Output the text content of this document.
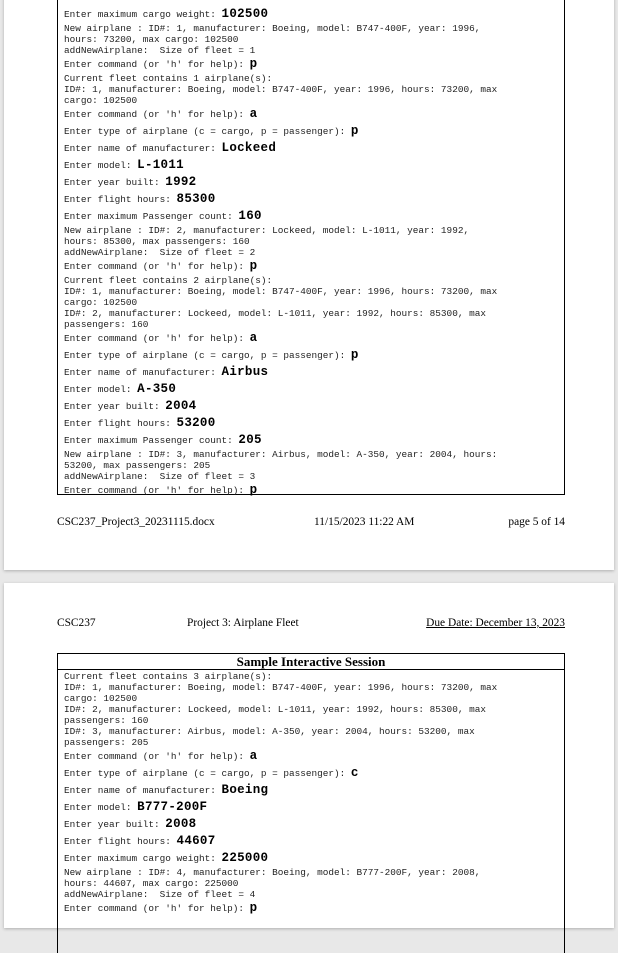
Enter maximum cargo weight: 102500
New airplane : ID#: 1, manufacturer: Boeing, model: B747-400F, year: 1996,
hours: 73200, max cargo: 102500
addNewAirplane:  Size of fleet = 1
Enter command (or 'h' for help): p
Current fleet contains 1 airplane(s):
ID#: 1, manufacturer: Boeing, model: B747-400F, year: 1996, hours: 73200, max
cargo: 102500
Enter command (or 'h' for help): a
Enter type of airplane (c = cargo, p = passenger): p
Enter name of manufacturer: Lockeed
Enter model: L-1011
Enter year built: 1992
Enter flight hours: 85300
Enter maximum Passenger count: 160
New airplane : ID#: 2, manufacturer: Lockeed, model: L-1011, year: 1992,
hours: 85300, max passengers: 160
addNewAirplane:  Size of fleet = 2
Enter command (or 'h' for help): p
Current fleet contains 2 airplane(s):
ID#: 1, manufacturer: Boeing, model: B747-400F, year: 1996, hours: 73200, max
cargo: 102500
ID#: 2, manufacturer: Lockeed, model: L-1011, year: 1992, hours: 85300, max
passengers: 160
Enter command (or 'h' for help): a
Enter type of airplane (c = cargo, p = passenger): p
Enter name of manufacturer: Airbus
Enter model: A-350
Enter year built: 2004
Enter flight hours: 53200
Enter maximum Passenger count: 205
New airplane : ID#: 3, manufacturer: Airbus, model: A-350, year: 2004, hours:
53200, max passengers: 205
addNewAirplane:  Size of fleet = 3
Enter command (or 'h' for help): p
CSC237_Project3_20231115.docx	11/15/2023 11:22 AM	page 5 of 14
CSC237	Project 3: Airplane Fleet	Due Date: December 13, 2023
Sample Interactive Session
Current fleet contains 3 airplane(s):
ID#: 1, manufacturer: Boeing, model: B747-400F, year: 1996, hours: 73200, max
cargo: 102500
ID#: 2, manufacturer: Lockeed, model: L-1011, year: 1992, hours: 85300, max
passengers: 160
ID#: 3, manufacturer: Airbus, model: A-350, year: 2004, hours: 53200, max
passengers: 205
Enter command (or 'h' for help): a
Enter type of airplane (c = cargo, p = passenger): c
Enter name of manufacturer: Boeing
Enter model: B777-200F
Enter year built: 2008
Enter flight hours: 44607
Enter maximum cargo weight: 225000
New airplane : ID#: 4, manufacturer: Boeing, model: B777-200F, year: 2008,
hours: 44607, max cargo: 225000
addNewAirplane:  Size of fleet = 4
Enter command (or 'h' for help): p
